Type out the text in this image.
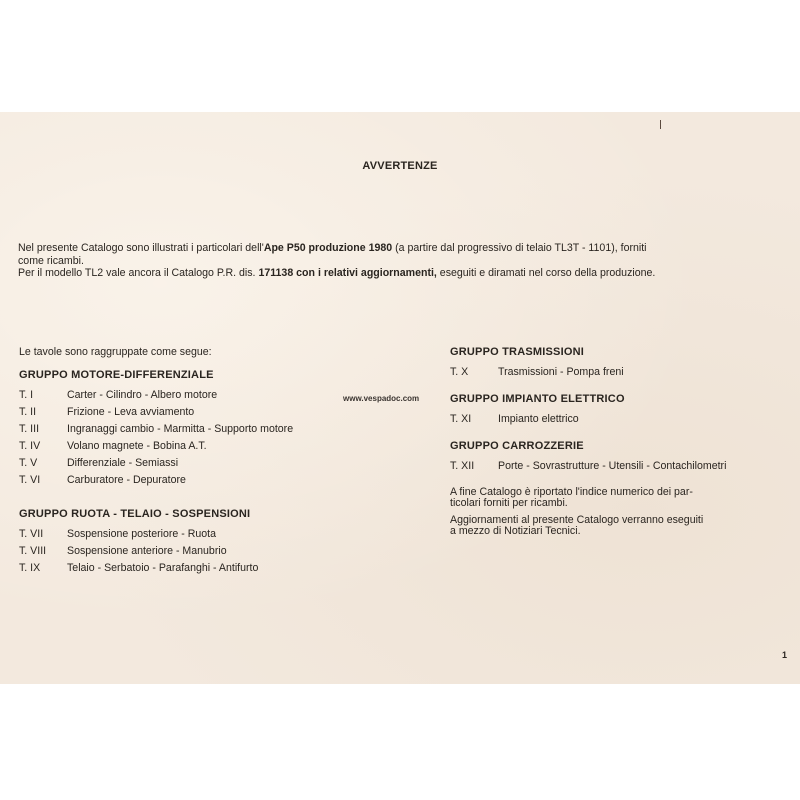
AVVERTENZE
Nel presente Catalogo sono illustrati i particolari dell'Ape P50 produzione 1980 (a partire dal progressivo di telaio TL3T - 1101), forniti
come ricambi.
Per il modello TL2 vale ancora il Catalogo P.R. dis. 171138 con i relativi aggiornamenti, eseguiti e diramati nel corso della produzione.
Le tavole sono raggruppate come segue:
GRUPPO MOTORE-DIFFERENZIALE
T. I	Carter - Cilindro - Albero motore
T. II	Frizione - Leva avviamento
T. III	Ingranaggi cambio - Marmitta - Supporto motore
T. IV	Volano magnete - Bobina A.T.
T. V	Differenziale - Semiassi
T. VI	Carburatore - Depuratore
GRUPPO RUOTA - TELAIO - SOSPENSIONI
T. VII	Sospensione posteriore - Ruota
T. VIII	Sospensione anteriore - Manubrio
T. IX	Telaio - Serbatoio - Parafanghi - Antifurto
GRUPPO TRASMISSIONI
T. X	Trasmissioni - Pompa freni
GRUPPO IMPIANTO ELETTRICO
T. XI	Impianto elettrico
GRUPPO CARROZZERIE
T. XII	Porte - Sovrastrutture - Utensili - Contachilometri
A fine Catalogo è riportato l'indice numerico dei par-
ticolari forniti per ricambi.
Aggiornamenti al presente Catalogo verranno eseguiti
a mezzo di Notiziari Tecnici.
www.vespadoc.com
1
